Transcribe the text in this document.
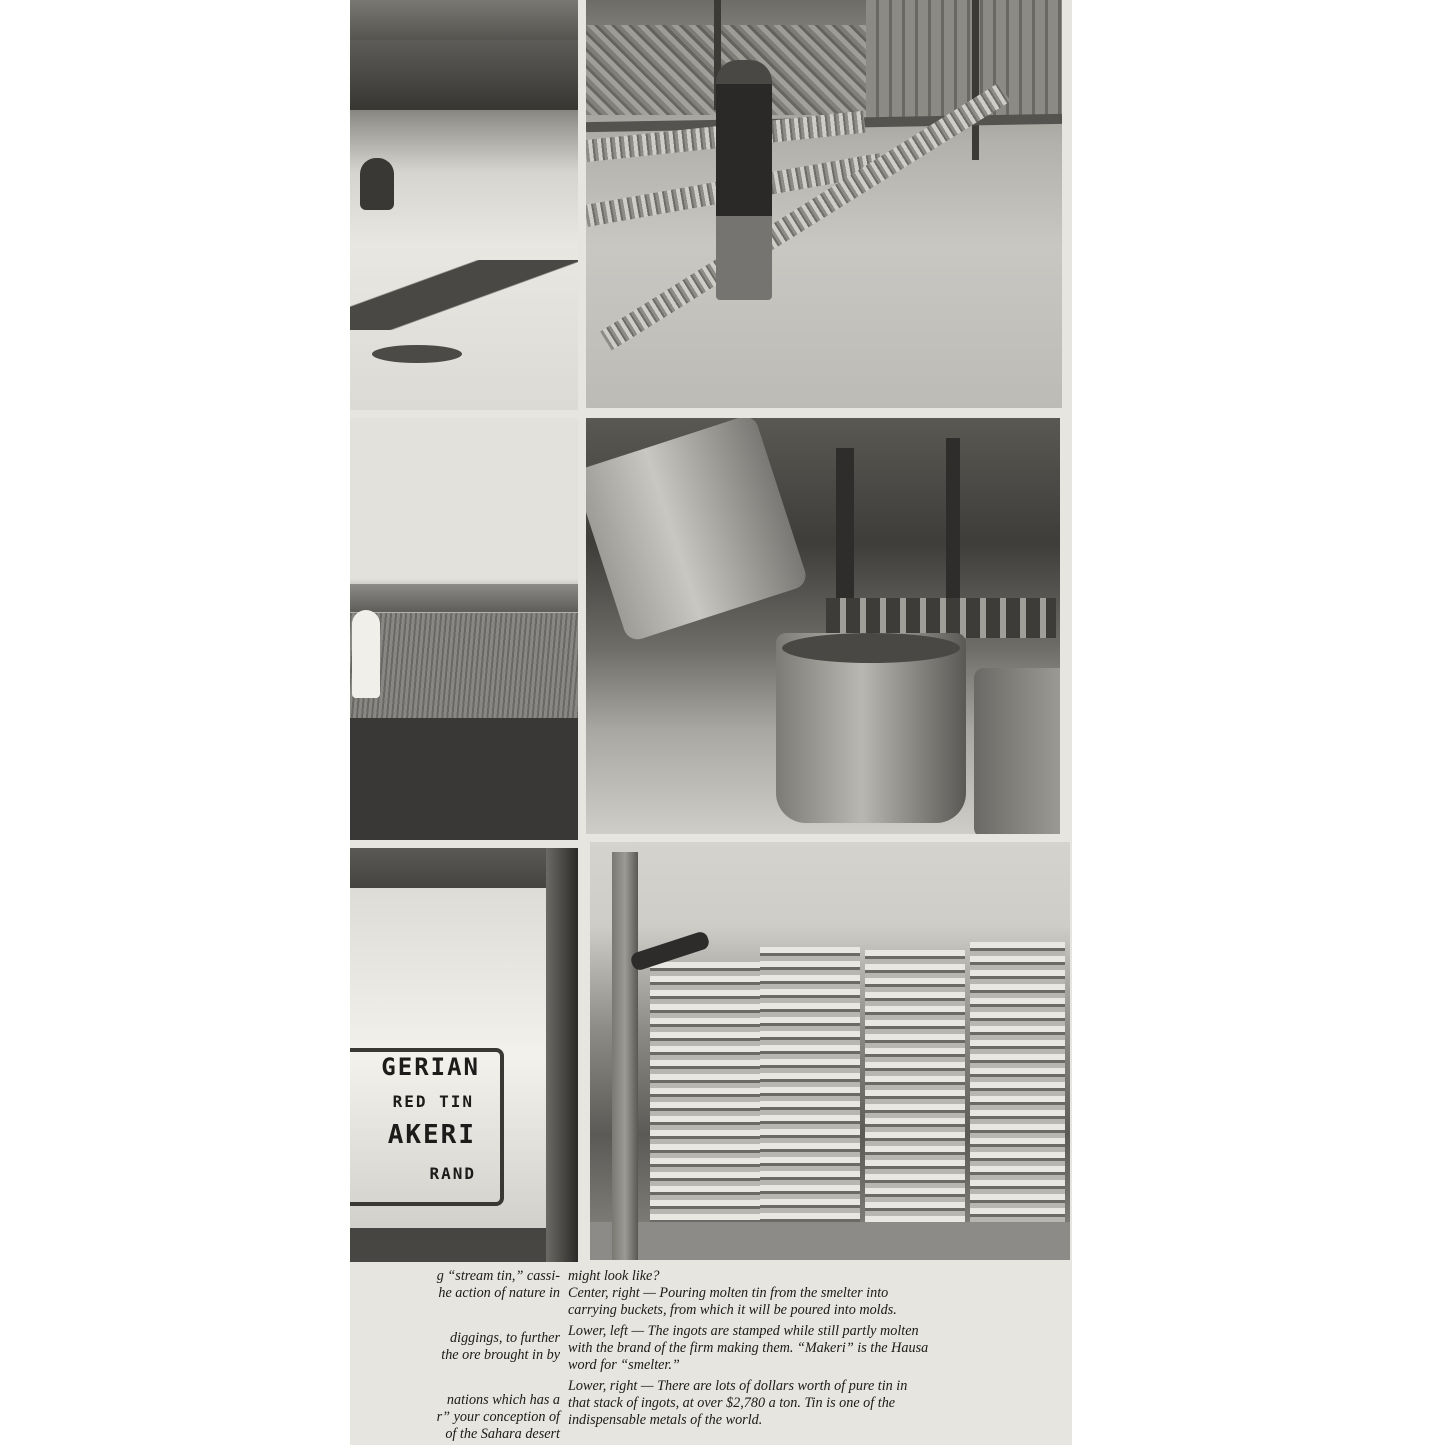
GERIAN
RED TIN
AKERI
RAND
g “stream tin,” cassi-
he action of nature in
diggings, to further
the ore brought in by
nations which has a
r” your conception of
of the Sahara desert
might look like?
Center, right — Pouring molten tin from the smelter into
carrying buckets, from which it will be poured into molds.
Lower, left — The ingots are stamped while still partly molten
with the brand of the firm making them. “Makeri” is the Hausa
word for “smelter.”
Lower, right — There are lots of dollars worth of pure tin in
that stack of ingots, at over $2,780 a ton. Tin is one of the
indispensable metals of the world.
